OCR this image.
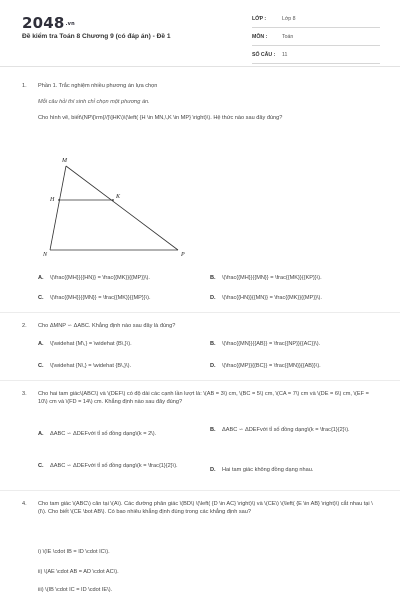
2048.vn
Đề kiểm tra Toán 8 Chương 9 (có đáp án) - Đề 1
LỚP :	Lớp 8
MÔN :	Toán
SỐ CÂU :	11
1. Phần 1. Trắc nghiệm nhiều phương án lựa chọn
Mỗi câu hỏi thí sinh chỉ chọn một phương án.
Cho hình vẽ, biết\(NP\[\rm{//}\]HK\)\(\left( {H \in MN,\,K \in MP} \right)\). Hệ thức nào sau đây đúng?
M
H	K
N	P
A.	\(\frac{{MH}}{{HN}} = \frac{{MK}}{{MP}}\).	B.	\(\frac{{MH}}{{MN}} = \frac{{MK}}{{KP}}\).
C.	\(\frac{{MH}}{{MN}} = \frac{{MK}}{{MP}}\).	D.	\(\frac{{HN}}{{MN}} = \frac{{MK}}{{MP}}\).
2. Cho ΔMNP ∽ ΔABC. Khẳng định nào sau đây là đúng?
A.	\(\widehat {M\,} = \widehat {B\,}\).	B.	\(\frac{{MN}}{{AB}} = \frac{{NP}}{{AC}}\).
C.	\(\widehat {N\,} = \widehat {B\,}\).	D.	\(\frac{{MP}}{{BC}} = \frac{{MN}}{{AB}}\).
3.	Cho hai tam giác\(ABC\) và \(DEF\) có độ dài các cạnh lần lượt là: \(AB = 3\) cm, \(BC = 5\) cm, \(CA = 7\) cm và \(DE = 6\) cm, \(EF = 10\) cm và \(FD = 14\) cm. Khẳng định nào sau đây đúng?
A.	ΔABC ∽ ΔDEFvới tỉ số đồng dạng\(k = 2\).
B.	ΔABC ∽ ΔDEFvới tỉ số đồng dạng\(k = \frac{1}{2}\).
C.	ΔABC ∽ ΔDEFvới tỉ số đồng dạng\(k = \frac{1}{2}\).
D.	Hai tam giác không đồng dạng nhau.
4.	Cho tam giác \(ABC\) cân tại \(A\). Các đường phân giác \(BD\) \(\left( {D \in AC} \right)\) và \(CE\) \(\left( {E \in AB} \right)\) cắt nhau tại \(I\). Cho biết \(CE \bot AB\). Có bao nhiêu khẳng định đúng trong các khẳng định sau?
i) \(IE \cdot IB = ID \cdot IC\).
ii) \(AE \cdot AB = AD \cdot AC\).
iii) \(IB \cdot IC = ID \cdot IE\).
